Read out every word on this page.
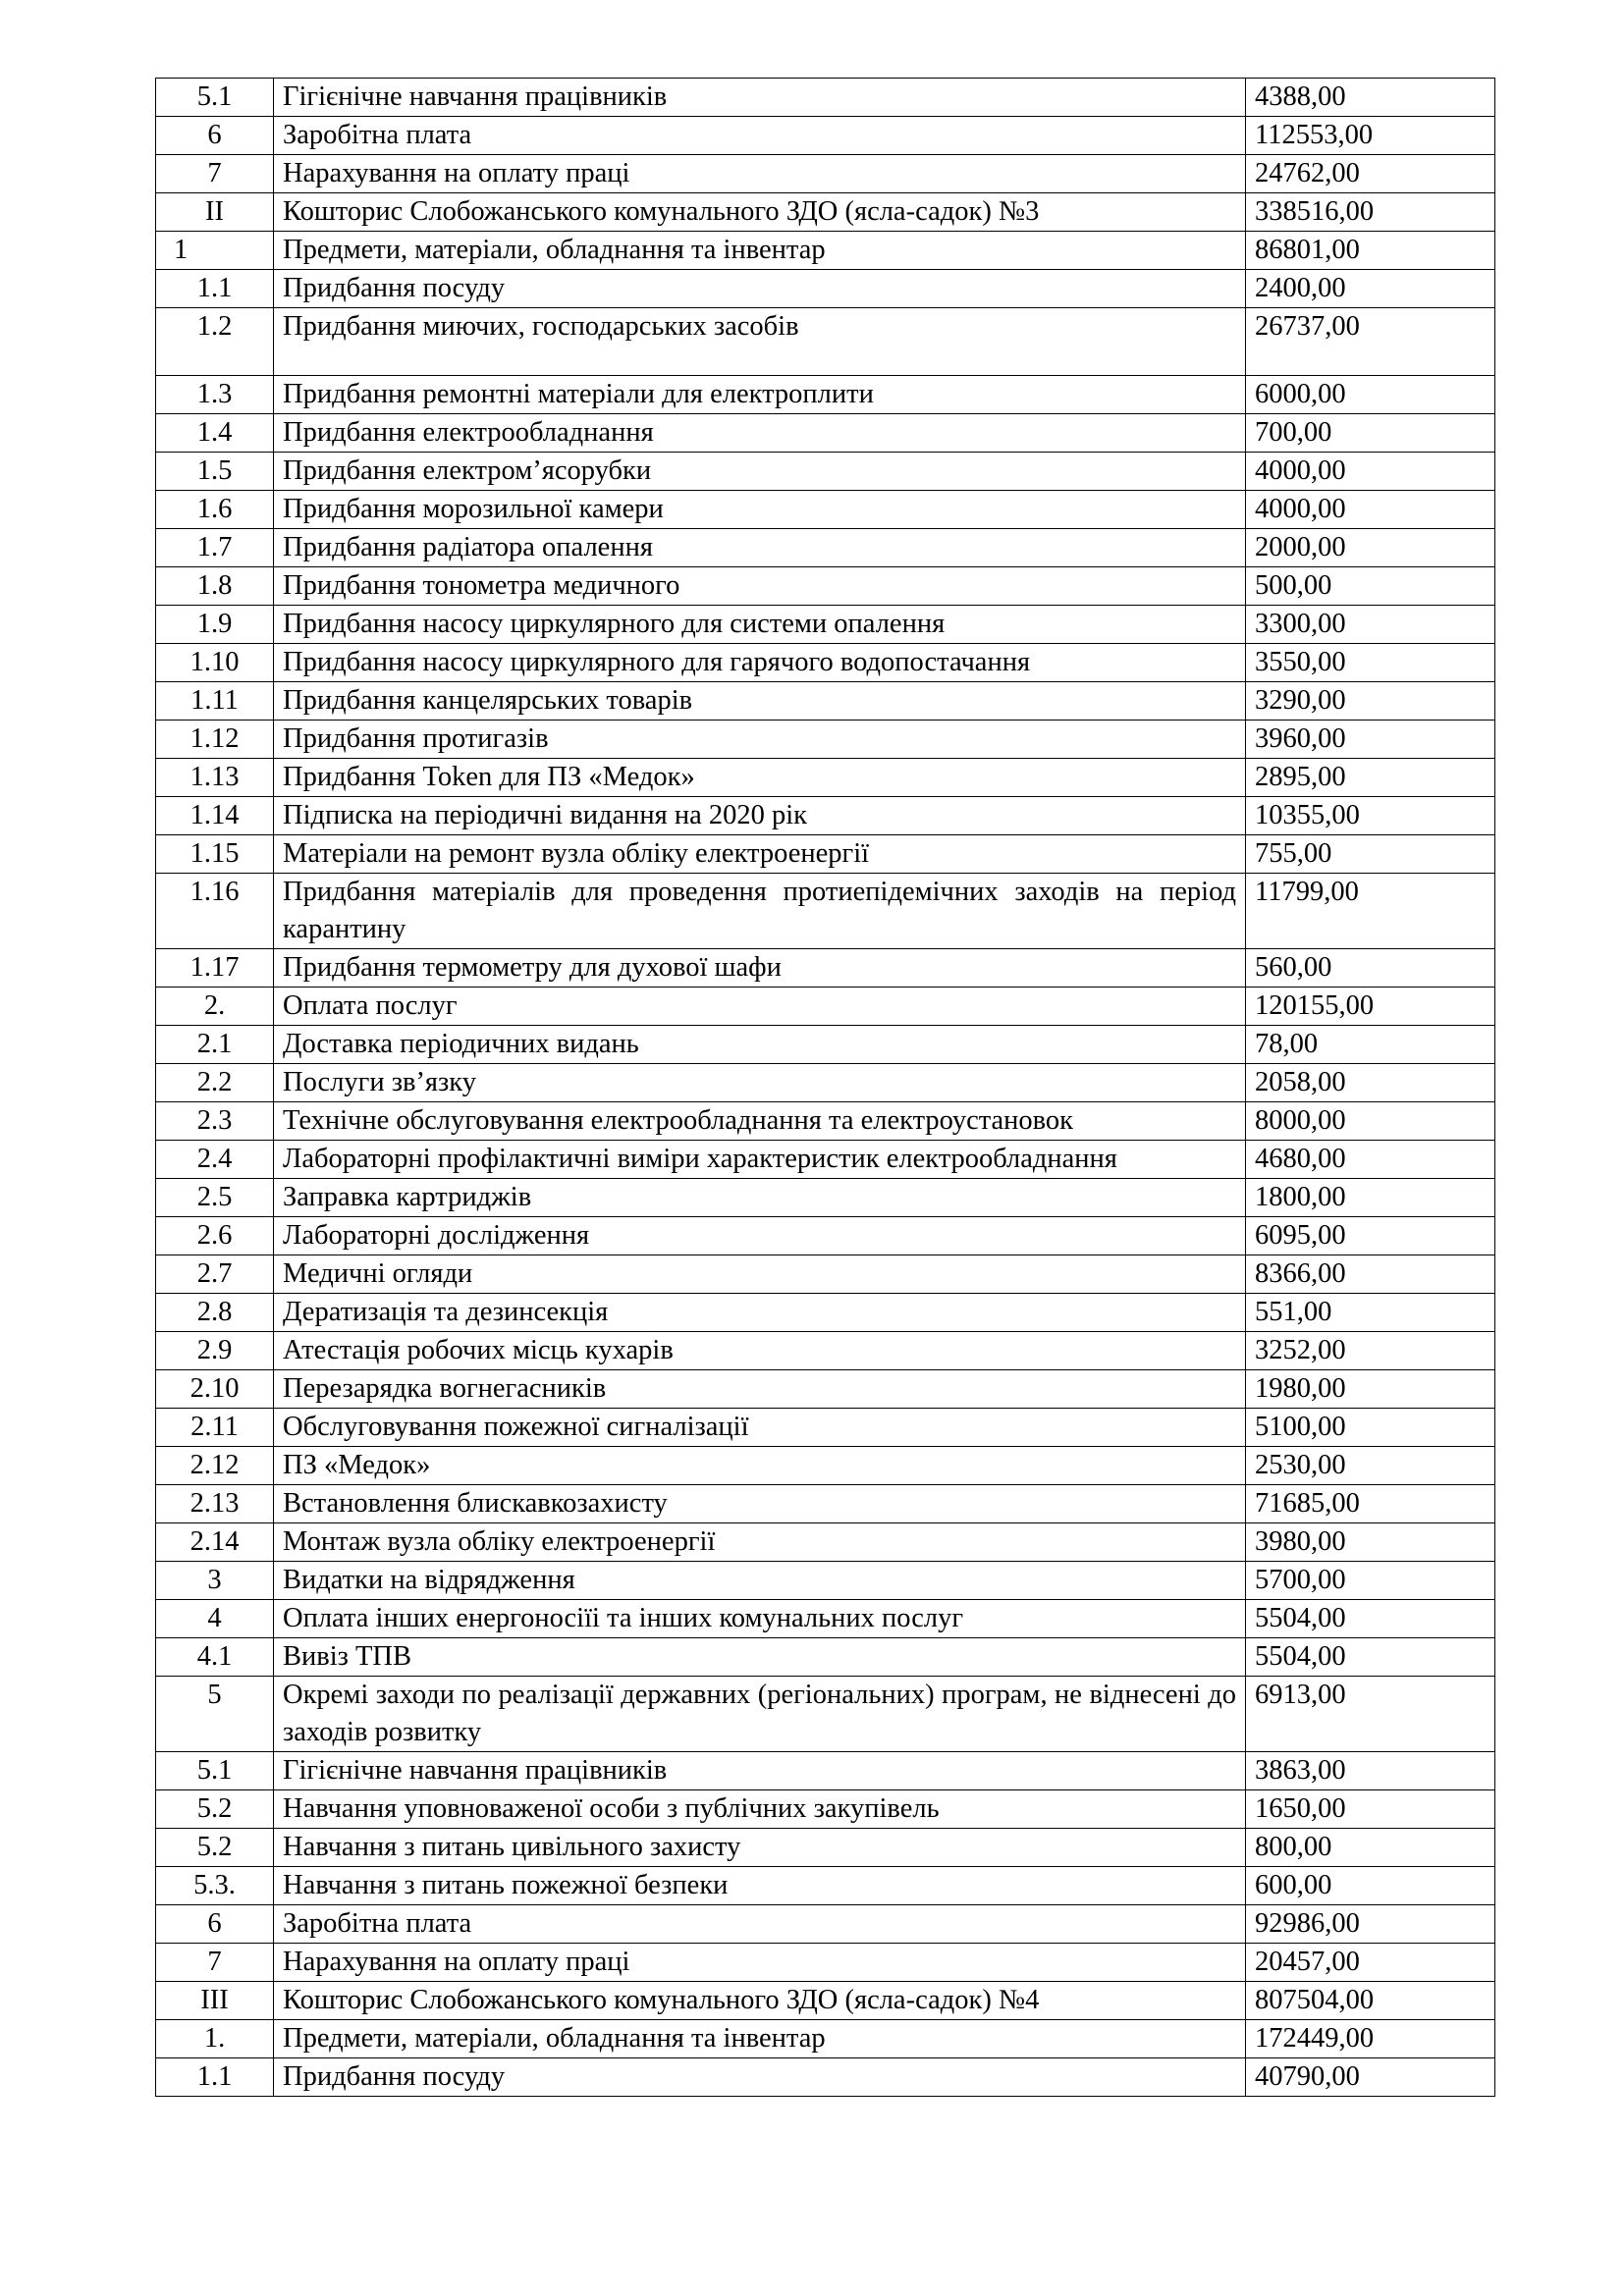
5.1	Гігієнічне навчання працівників	4388,00
6	Заробітна плата	112553,00
7	Нарахування на оплату праці	24762,00
II	Кошторис Слобожанського комунального ЗДО (ясла-садок) №3	338516,00
1	Предмети, матеріали, обладнання та інвентар	86801,00
1.1	Придбання посуду	2400,00
1.2	Придбання миючих, господарських засобів	26737,00
1.3	Придбання ремонтні матеріали для електроплити	6000,00
1.4	Придбання електрообладнання	700,00
1.5	Придбання електром’ясорубки	4000,00
1.6	Придбання морозильної камери	4000,00
1.7	Придбання радіатора опалення	2000,00
1.8	Придбання тонометра медичного	500,00
1.9	Придбання насосу циркулярного для системи опалення	3300,00
1.10	Придбання насосу циркулярного для гарячого водопостачання	3550,00
1.11	Придбання канцелярських товарів	3290,00
1.12	Придбання протигазів	3960,00
1.13	Придбання Token для ПЗ «Медок»	2895,00
1.14	Підписка на періодичні видання на 2020 рік	10355,00
1.15	Матеріали на ремонт вузла обліку електроенергії	755,00
1.16	Придбання матеріалів для проведення протиепідемічних заходів на період карантину	11799,00
1.17	Придбання термометру для духової шафи	560,00
2.	Оплата послуг	120155,00
2.1	Доставка періодичних видань	78,00
2.2	Послуги зв’язку	2058,00
2.3	Технічне обслуговування електрообладнання та електроустановок	8000,00
2.4	Лабораторні профілактичні виміри характеристик електрообладнання	4680,00
2.5	Заправка картриджів	1800,00
2.6	Лабораторні дослідження	6095,00
2.7	Медичні огляди	8366,00
2.8	Дератизація та дезинсекція	551,00
2.9	Атестація робочих місць кухарів	3252,00
2.10	Перезарядка вогнегасників	1980,00
2.11	Обслуговування пожежної сигналізації	5100,00
2.12	ПЗ «Медок»	2530,00
2.13	Встановлення блискавкозахисту	71685,00
2.14	Монтаж вузла обліку електроенергії	3980,00
3	Видатки на відрядження	5700,00
4	Оплата інших енергоносіїі та інших комунальних послуг	5504,00
4.1	Вивіз ТПВ	5504,00
5	Окремі заходи по реалізації державних (регіональних) програм, не віднесені до заходів розвитку	6913,00
5.1	Гігієнічне навчання працівників	3863,00
5.2	Навчання уповноваженої особи з публічних закупівель	1650,00
5.2	Навчання з питань цивільного захисту	800,00
5.3.	Навчання з питань пожежної безпеки	600,00
6	Заробітна плата	92986,00
7	Нарахування на оплату праці	20457,00
III	Кошторис Слобожанського комунального ЗДО (ясла-садок) №4	807504,00
1.	Предмети, матеріали, обладнання та інвентар	172449,00
1.1	Придбання посуду	40790,00
